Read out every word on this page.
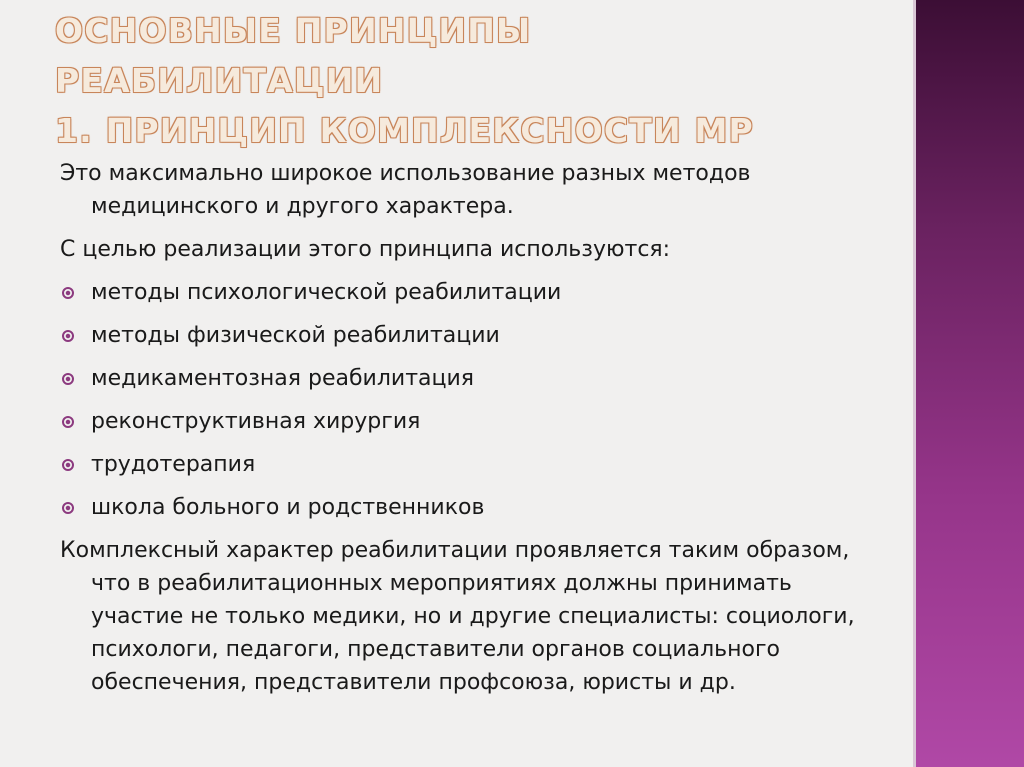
ОСНОВНЫЕ ПРИНЦИПЫ
РЕАБИЛИТАЦИИ
1. ПРИНЦИП КОМПЛЕКСНОСТИ МР

Это максимально широкое использование разных методов медицинского и другого характера.

С целью реализации этого принципа используются:

методы психологической реабилитации
методы физической реабилитации
медикаментозная реабилитация
реконструктивная хирургия
трудотерапия
школа больного и родственников

Комплексный характер реабилитации проявляется таким образом, что в реабилитационных мероприятиях должны принимать участие не только медики, но и другие специалисты: социологи, психологи, педагоги, представители органов социального обеспечения, представители профсоюза, юристы и др.
